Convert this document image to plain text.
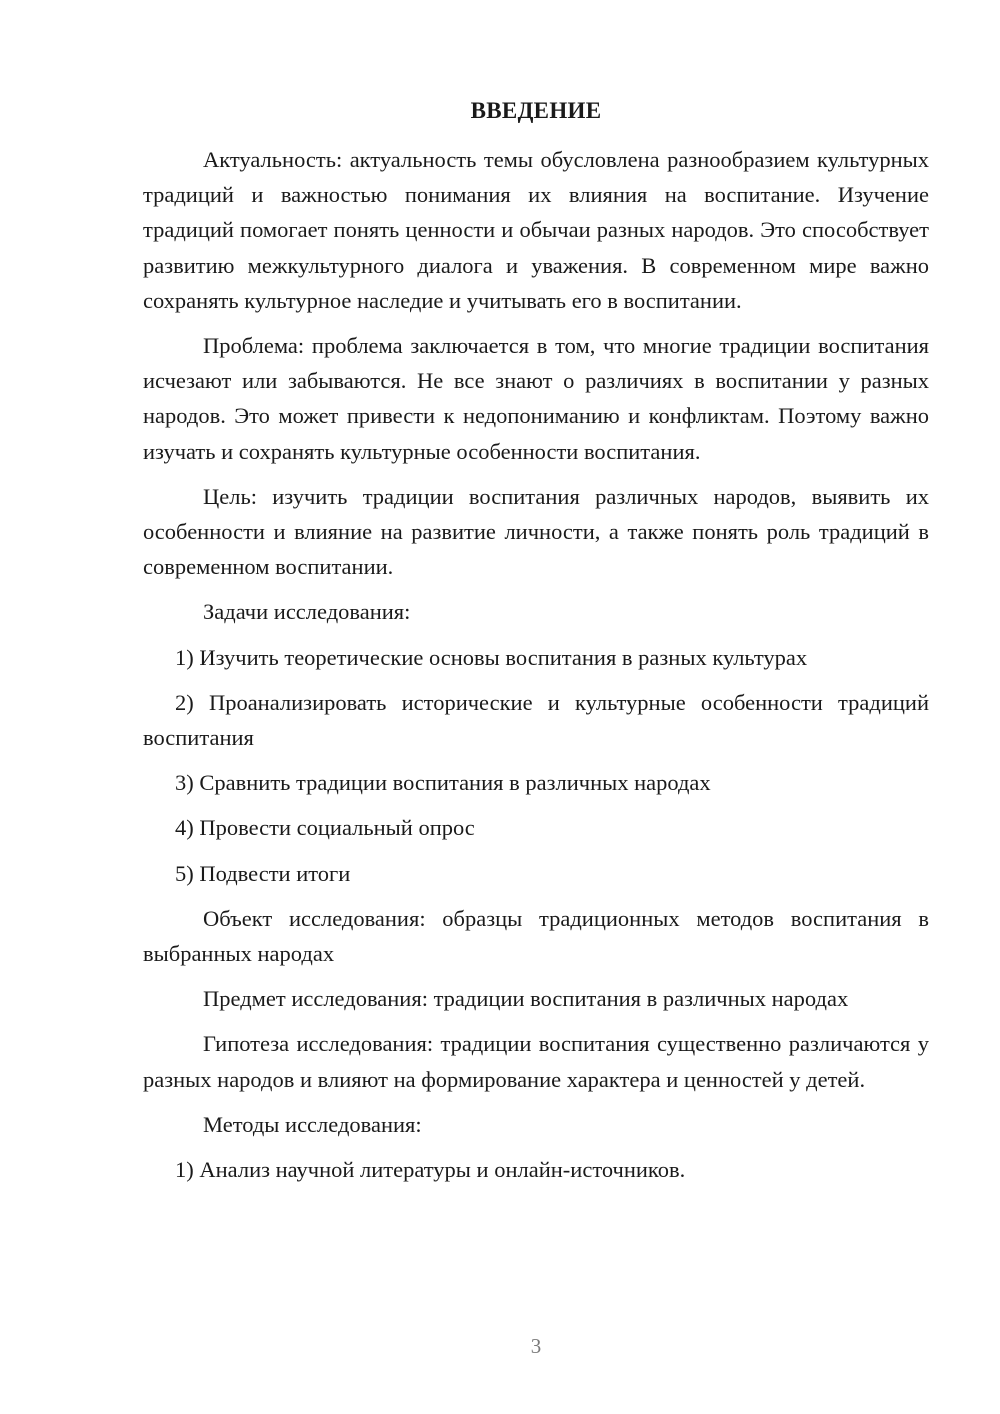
ВВЕДЕНИЕ

Актуальность: актуальность темы обусловлена разнообразием культурных традиций и важностью понимания их влияния на воспитание. Изучение традиций помогает понять ценности и обычаи разных народов. Это способствует развитию межкультурного диалога и уважения. В современном мире важно сохранять культурное наследие и учитывать его в воспитании.

Проблема: проблема заключается в том, что многие традиции воспитания исчезают или забываются. Не все знают о различиях в воспитании у разных народов. Это может привести к недопониманию и конфликтам. Поэтому важно изучать и сохранять культурные особенности воспитания.

Цель: изучить традиции воспитания различных народов, выявить их особенности и влияние на развитие личности, а также понять роль традиций в современном воспитании.

Задачи исследования:

1) Изучить теоретические основы воспитания в разных культурах

2) Проанализировать исторические и культурные особенности традиций воспитания

3) Сравнить традиции воспитания в различных народах

4) Провести социальный опрос

5) Подвести итоги

Объект исследования: образцы традиционных методов воспитания в выбранных народах

Предмет исследования: традиции воспитания в различных народах

Гипотеза исследования: традиции воспитания существенно различаются у разных народов и влияют на формирование характера и ценностей у детей.

Методы исследования:

1) Анализ научной литературы и онлайн-источников.

3
